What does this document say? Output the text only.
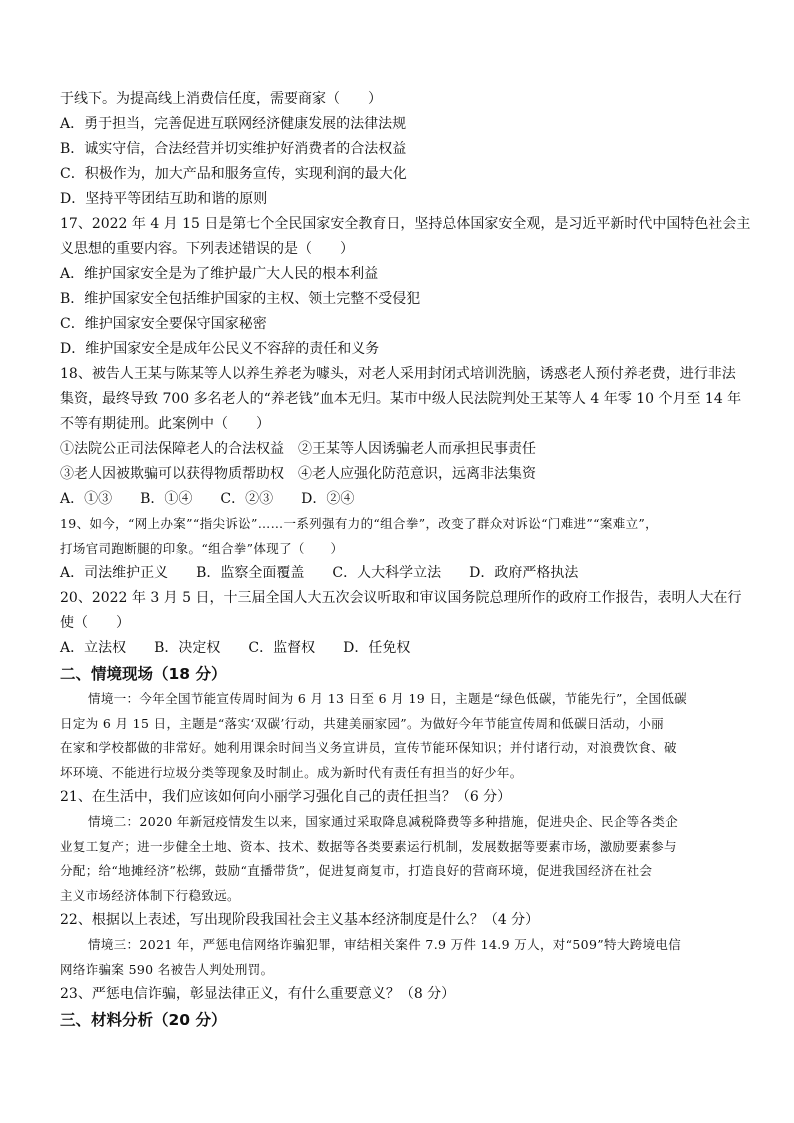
于线下。为提高线上消费信任度，需要商家（　　）

A．勇于担当，完善促进互联网经济健康发展的法律法规

B．诚实守信，合法经营并切实维护好消费者的合法权益

C．积极作为，加大产品和服务宣传，实现利润的最大化

D．坚持平等团结互助和谐的原则

17、2022 年 4 月 15 日是第七个全民国家安全教育日，坚持总体国家安全观，是习近平新时代中国特色社会主

义思想的重要内容。下列表述错误的是（　　）

A．维护国家安全是为了维护最广大人民的根本利益

B．维护国家安全包括维护国家的主权、领土完整不受侵犯

C．维护国家安全要保守国家秘密

D．维护国家安全是成年公民义不容辞的责任和义务

18、被告人王某与陈某等人以养生养老为噱头，对老人采用封闭式培训洗脑，诱惑老人预付养老费，进行非法

集资，最终导致 700 多名老人的“养老钱”血本无归。某市中级人民法院判处王某等人 4 年零 10 个月至 14 年

不等有期徒刑。此案例中（　　）

①法院公正司法保障老人的合法权益　②王某等人因诱骗老人而承担民事责任

③老人因被欺骗可以获得物质帮助权　④老人应强化防范意识，远离非法集资

A．①③　　B．①④　　C．②③　　D．②④

19、如今，“网上办案”“指尖诉讼”……一系列强有力的“组合拳”，改变了群众对诉讼“门难进”“案难立”，

打场官司跑断腿的印象。“组合拳”体现了（　　）

A．司法维护正义　　B．监察全面覆盖　　C．人大科学立法　　D．政府严格执法

20、2022 年 3 月 5 日，十三届全国人大五次会议听取和审议国务院总理所作的政府工作报告，表明人大在行

使（　　）

A．立法权　　B．决定权　　C．监督权　　D．任免权

二、情境现场（18 分）

情境一：今年全国节能宣传周时间为 6 月 13 日至 6 月 19 日，主题是“绿色低碳，节能先行”，全国低碳

日定为 6 月 15 日，主题是“落实‘双碳’行动，共建美丽家园”。为做好今年节能宣传周和低碳日活动，小丽

在家和学校都做的非常好。她利用课余时间当义务宣讲员，宣传节能环保知识；并付诸行动，对浪费饮食、破

坏环境、不能进行垃圾分类等现象及时制止。成为新时代有责任有担当的好少年。

21、在生活中，我们应该如何向小丽学习强化自己的责任担当？（6 分）

情境二：2020 年新冠疫情发生以来，国家通过采取降息减税降费等多种措施，促进央企、民企等各类企

业复工复产；进一步健全土地、资本、技术、数据等各类要素运行机制，发展数据等要素市场，激励要素参与

分配；给“地摊经济”松绑，鼓励“直播带货”，促进复商复市，打造良好的营商环境，促进我国经济在社会

主义市场经济体制下行稳致远。

22、根据以上表述，写出现阶段我国社会主义基本经济制度是什么？（4 分）

情境三：2021 年，严惩电信网络诈骗犯罪，审结相关案件 7.9 万件 14.9 万人，对“509”特大跨境电信

网络诈骗案 590 名被告人判处刑罚。

23、严惩电信诈骗，彰显法律正义，有什么重要意义？（8 分）

三、材料分析（20 分）
